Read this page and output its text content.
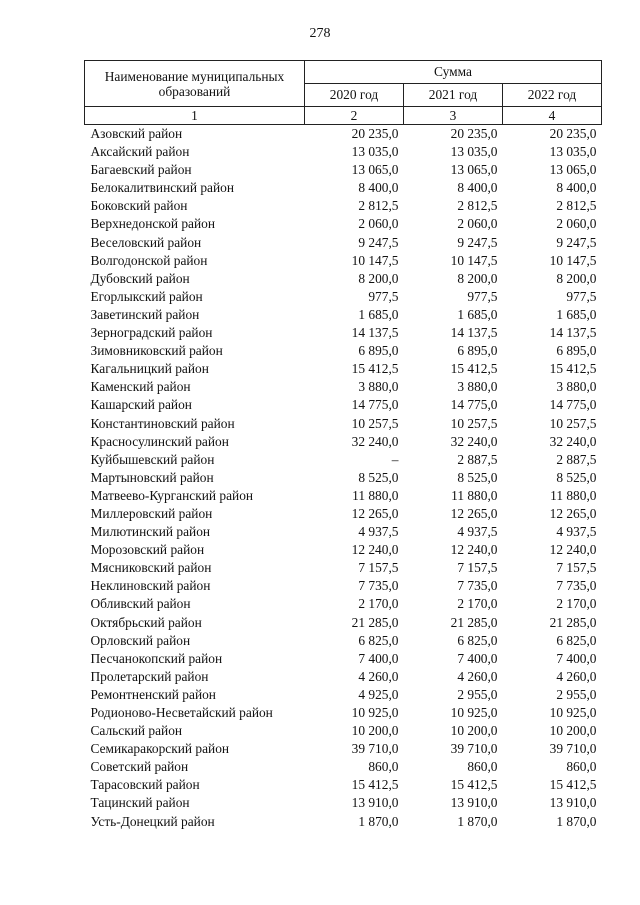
278
Наименование муниципальных образований	Сумма		
	2020 год	2021 год	2022 год
1	2	3	4
Азовский район	20 235,0	20 235,0	20 235,0
Аксайский район	13 035,0	13 035,0	13 035,0
Багаевский район	13 065,0	13 065,0	13 065,0
Белокалитвинский район	8 400,0	8 400,0	8 400,0
Боковский район	2 812,5	2 812,5	2 812,5
Верхнедонской район	2 060,0	2 060,0	2 060,0
Веселовский район	9 247,5	9 247,5	9 247,5
Волгодонской район	10 147,5	10 147,5	10 147,5
Дубовский район	8 200,0	8 200,0	8 200,0
Егорлыкский район	977,5	977,5	977,5
Заветинский район	1 685,0	1 685,0	1 685,0
Зерноградский район	14 137,5	14 137,5	14 137,5
Зимовниковский район	6 895,0	6 895,0	6 895,0
Кагальницкий район	15 412,5	15 412,5	15 412,5
Каменский район	3 880,0	3 880,0	3 880,0
Кашарский район	14 775,0	14 775,0	14 775,0
Константиновский район	10 257,5	10 257,5	10 257,5
Красносулинский район	32 240,0	32 240,0	32 240,0
Куйбышевский район	–	2 887,5	2 887,5
Мартыновский район	8 525,0	8 525,0	8 525,0
Матвеево-Курганский район	11 880,0	11 880,0	11 880,0
Миллеровский район	12 265,0	12 265,0	12 265,0
Милютинский район	4 937,5	4 937,5	4 937,5
Морозовский район	12 240,0	12 240,0	12 240,0
Мясниковский район	7 157,5	7 157,5	7 157,5
Неклиновский район	7 735,0	7 735,0	7 735,0
Обливский район	2 170,0	2 170,0	2 170,0
Октябрьский район	21 285,0	21 285,0	21 285,0
Орловский район	6 825,0	6 825,0	6 825,0
Песчанокопский район	7 400,0	7 400,0	7 400,0
Пролетарский район	4 260,0	4 260,0	4 260,0
Ремонтненский район	4 925,0	2 955,0	2 955,0
Родионово-Несветайский район	10 925,0	10 925,0	10 925,0
Сальский район	10 200,0	10 200,0	10 200,0
Семикаракорский район	39 710,0	39 710,0	39 710,0
Советский район	860,0	860,0	860,0
Тарасовский район	15 412,5	15 412,5	15 412,5
Тацинский район	13 910,0	13 910,0	13 910,0
Усть-Донецкий район	1 870,0	1 870,0	1 870,0
